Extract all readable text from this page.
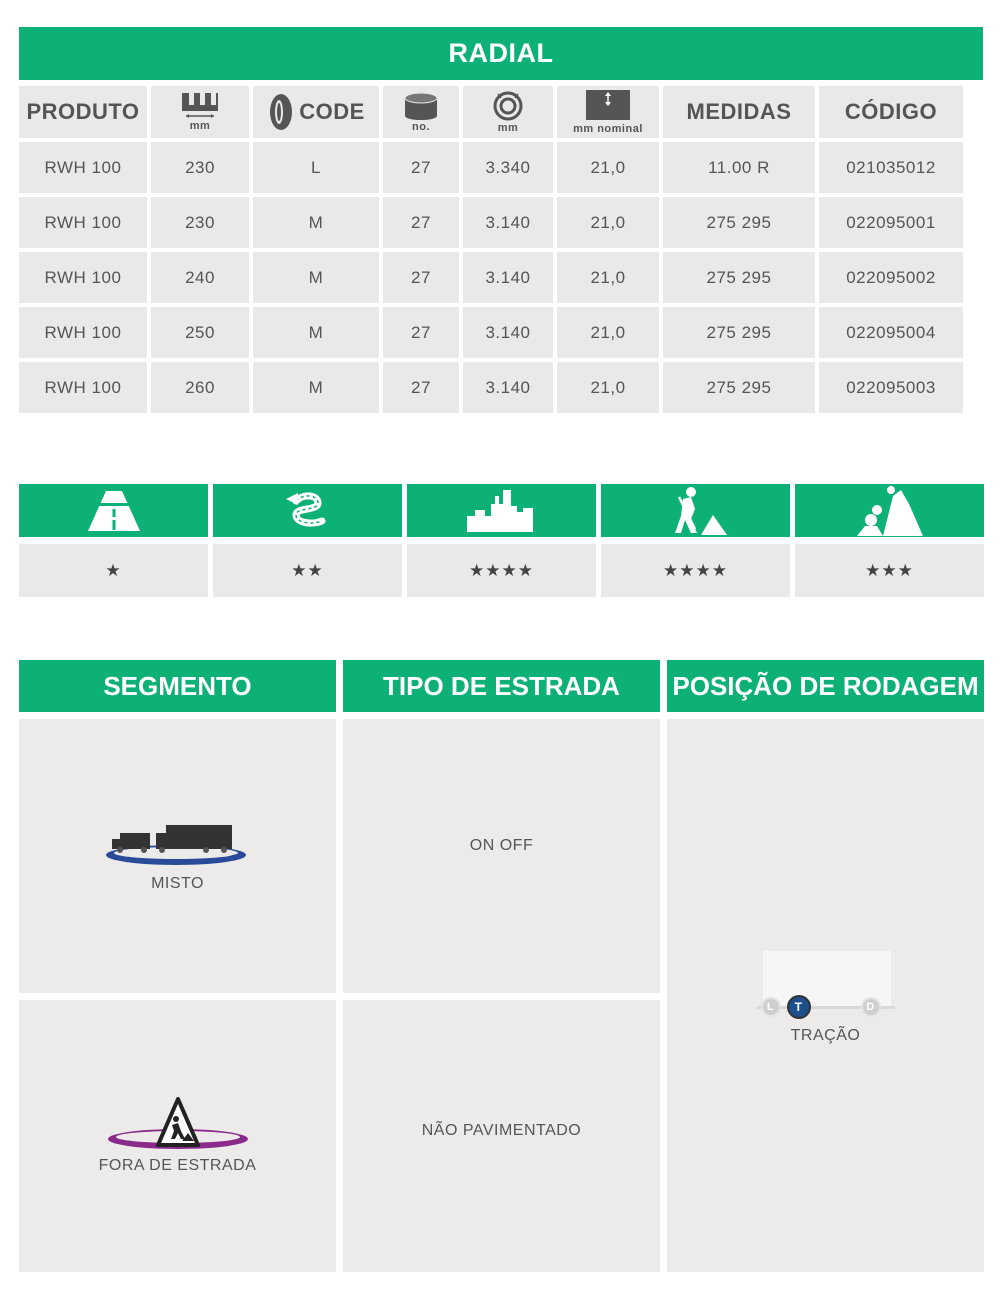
RADIAL
PRODUTO	mm	CODE	no.	mm	mm nominal	MEDIDAS	CÓDIGO
RWH 100	230	L	27	3.340	21,0	11.00 R	021035012
RWH 100	230	M	27	3.140	21,0	275 295	022095001
RWH 100	240	M	27	3.140	21,0	275 295	022095002
RWH 100	250	M	27	3.140	21,0	275 295	022095004
RWH 100	260	M	27	3.140	21,0	275 295	022095003
★	★★	★★★★	★★★★	★★★
SEGMENTO	TIPO DE ESTRADA	POSIÇÃO DE RODAGEM
MISTO
FORA DE ESTRADA
ON OFF
NÃO PAVIMENTADO
L	T	D
TRAÇÃO
